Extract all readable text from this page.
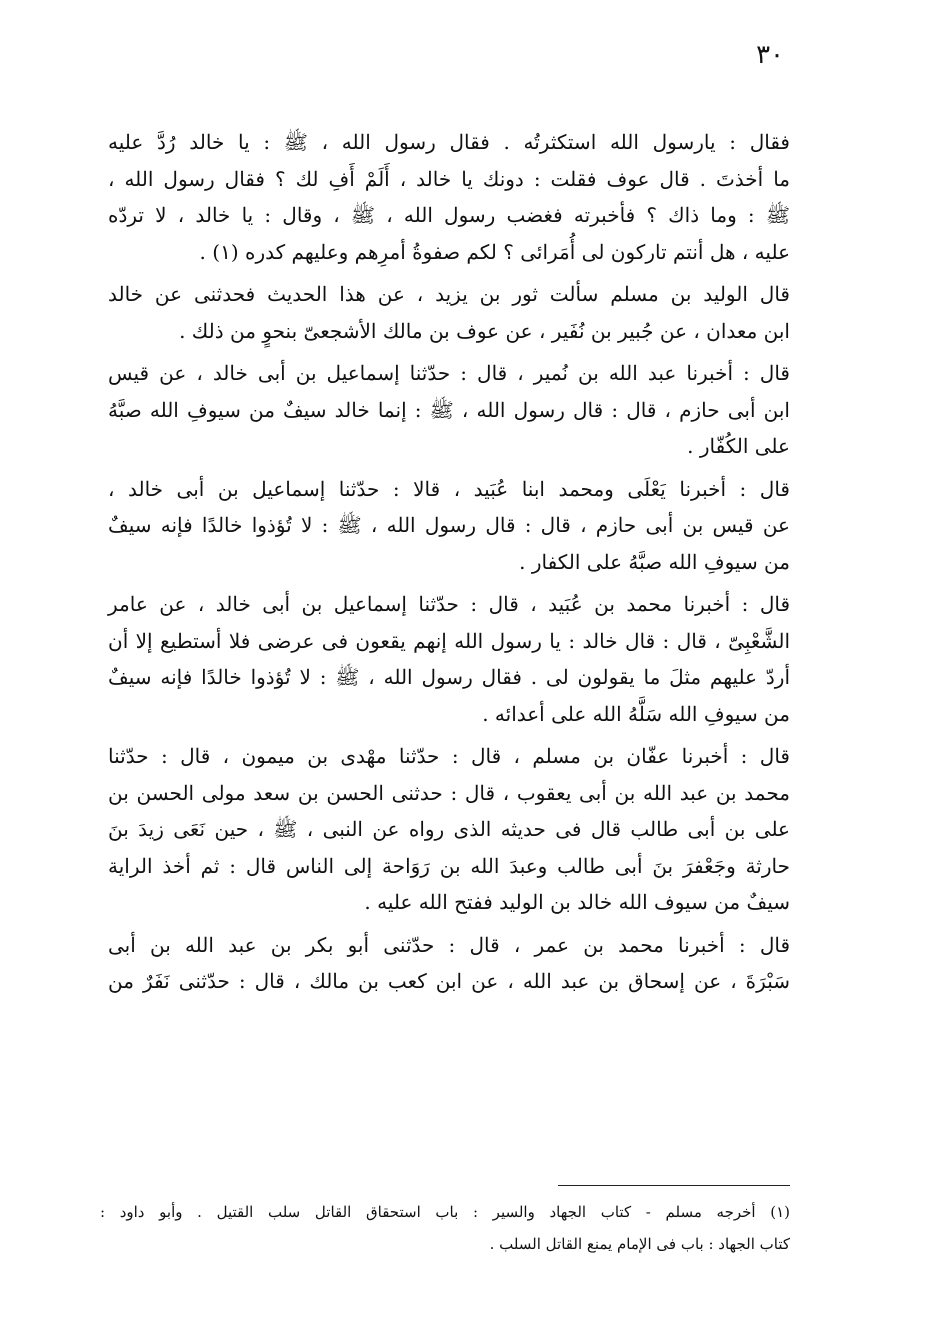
٣٠
فقال : يارسول الله استكثرتُه . فقال رسول الله ، ﷺ : يا خالد رُدَّ عليه
ما أخذتَ . قال عوف فقلت : دونك يا خالد ، أَلَمْ أَفِ لك ؟ فقال رسول الله ،
ﷺ : وما ذاك ؟ فأخبرته فغضب رسول الله ، ﷺ ، وقال : يا خالد ، لا تردّه
عليه ، هل أنتم تاركون لى أُمَرائى ؟ لكم صفوةُ أمرِهم وعليهم كدره (١) .
قال الوليد بن مسلم سألت ثور بن يزيد ، عن هذا الحديث فحدثنى عن خالد
ابن معدان ، عن جُبير بن نُفَير ، عن عوف بن مالك الأشجعىّ بنحوٍ من ذلك .
قال : أخبرنا عبد الله بن نُمير ، قال : حدّثنا إسماعيل بن أبى خالد ، عن قيس
ابن أبى حازم ، قال : قال رسول الله ، ﷺ : إنما خالد سيفٌ من سيوفِ الله صبَّهُ
على الكُفّار .
قال : أخبرنا يَعْلَى ومحمد ابنا عُبَيد ، قالا : حدّثنا إسماعيل بن أبى خالد ،
عن قيس بن أبى حازم ، قال : قال رسول الله ، ﷺ : لا تُؤذوا خالدًا فإنه سيفٌ
من سيوفِ الله صبَّهُ على الكفار .
قال : أخبرنا محمد بن عُبَيد ، قال : حدّثنا إسماعيل بن أبى خالد ، عن عامر
الشَّعْبِىّ ، قال : قال خالد : يا رسول الله إنهم يقعون فى عرضى فلا أستطيع إلا أن
أردّ عليهم مثلَ ما يقولون لى . فقال رسول الله ، ﷺ : لا تُؤذوا خالدًا فإنه سيفٌ
من سيوفِ الله سَلَّهُ الله على أعدائه .
قال : أخبرنا عفّان بن مسلم ، قال : حدّثنا مهْدى بن ميمون ، قال : حدّثنا
محمد بن عبد الله بن أبى يعقوب ، قال : حدثنى الحسن بن سعد مولى الحسن بن
على بن أبى طالب قال فى حديثه الذى رواه عن النبى ، ﷺ ، حين نَعَى زيدَ بنَ
حارثة وجَعْفرَ بنَ أبى طالب وعبدَ الله بن رَوَاحة إلى الناس قال : ثم أخذ الراية
سيفٌ من سيوف الله خالد بن الوليد ففتح الله عليه .
قال : أخبرنا محمد بن عمر ، قال : حدّثنى أبو بكر بن عبد الله بن أبى
سَبْرَةَ ، عن إسحاق بن عبد الله ، عن ابن كعب بن مالك ، قال : حدّثنى نَفَرٌ من
(١) أخرجه مسلم - كتاب الجهاد والسير : باب استحقاق القاتل سلب القتيل . وأبو داود :
كتاب الجهاد : باب فى الإمام يمنع القاتل السلب .
